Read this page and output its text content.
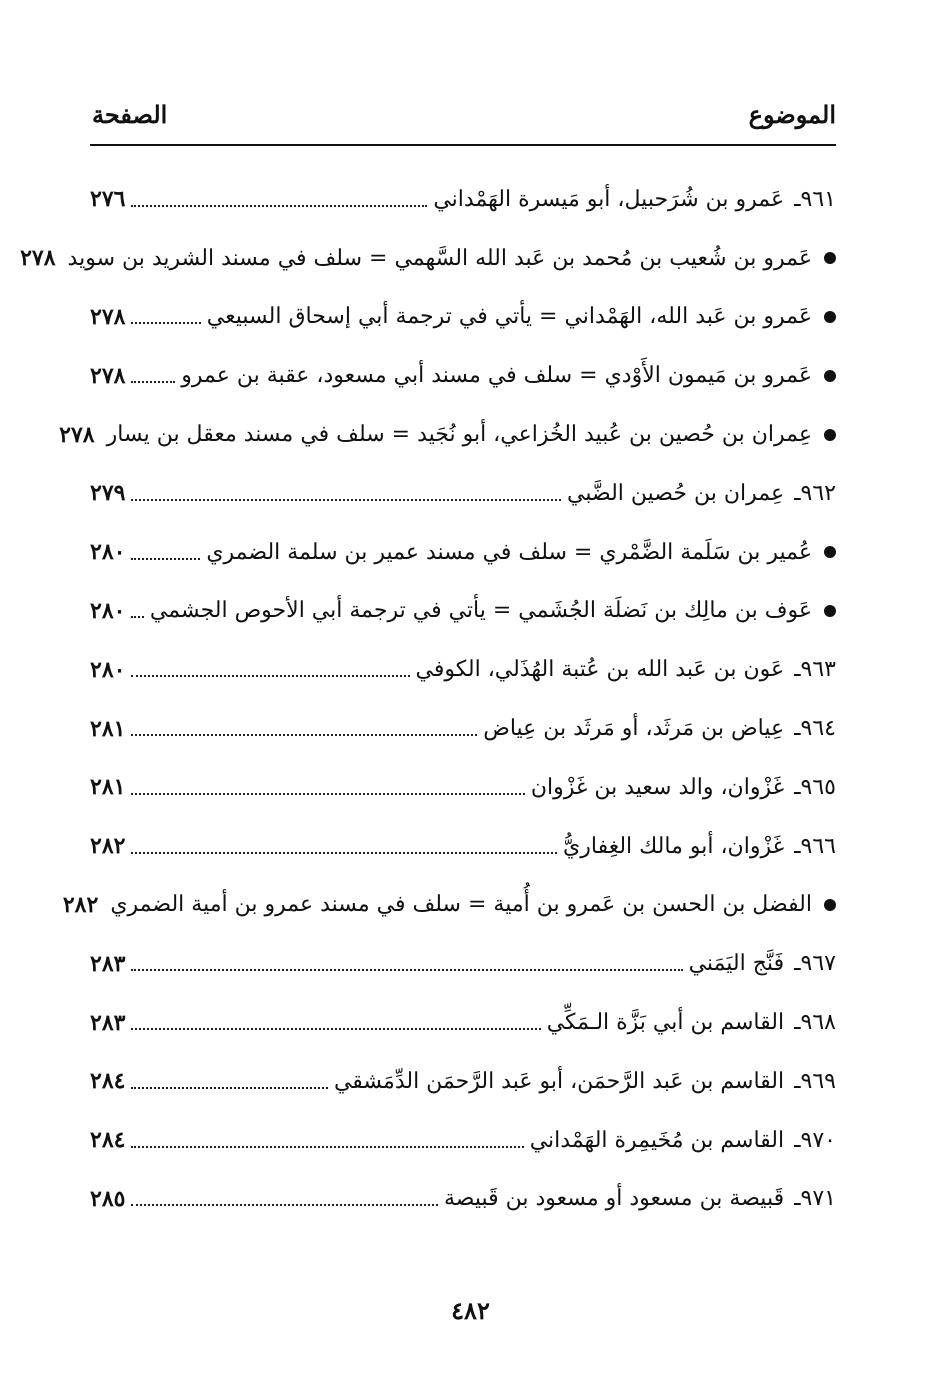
الموضوع
الصفحة
٩٦١ـ
عَمرو بن شُرَحبيل، أبو مَيسرة الهَمْداني
٢٧٦
عَمرو بن شُعيب بن مُحمد بن عَبد الله السَّهمي = سلف في مسند الشريد بن سويد
٢٧٨
عَمرو بن عَبد الله، الهَمْداني = يأتي في ترجمة أبي إسحاق السبيعي
٢٧٨
عَمرو بن مَيمون الأَوْدي = سلف في مسند أبي مسعود، عقبة بن عمرو
٢٧٨
عِمران بن حُصين بن عُبيد الخُزاعي، أبو نُجَيد = سلف في مسند معقل بن يسار
٢٧٨
٩٦٢ـ
عِمران بن حُصين الضَّبي
٢٧٩
عُمير بن سَلَمة الضَّمْري = سلف في مسند عمير بن سلمة الضمري
٢٨٠
عَوف بن مالِك بن نَضلَة الجُشَمي = يأتي في ترجمة أبي الأحوص الجشمي
٢٨٠
٩٦٣ـ
عَون بن عَبد الله بن عُتبة الهُذَلي، الكوفي
٢٨٠
٩٦٤ـ
عِياض بن مَرثَد، أو مَرثَد بن عِياض
٢٨١
٩٦٥ـ
غَزْوان، والد سعيد بن غَزْوان
٢٨١
٩٦٦ـ
غَزْوان، أبو مالك الغِفاريُّ
٢٨٢
الفضل بن الحسن بن عَمرو بن أُمية = سلف في مسند عمرو بن أمية الضمري
٢٨٢
٩٦٧ـ
فَنَّج اليَمَني
٢٨٣
٩٦٨ـ
القاسم بن أبي بَزَّة الـمَكِّي
٢٨٣
٩٦٩ـ
القاسم بن عَبد الرَّحمَن، أبو عَبد الرَّحمَن الدِّمَشقي
٢٨٤
٩٧٠ـ
القاسم بن مُخَيمِرة الهَمْداني
٢٨٤
٩٧١ـ
قَبيصة بن مسعود أو مسعود بن قَبيصة
٢٨٥
٤٨٢
